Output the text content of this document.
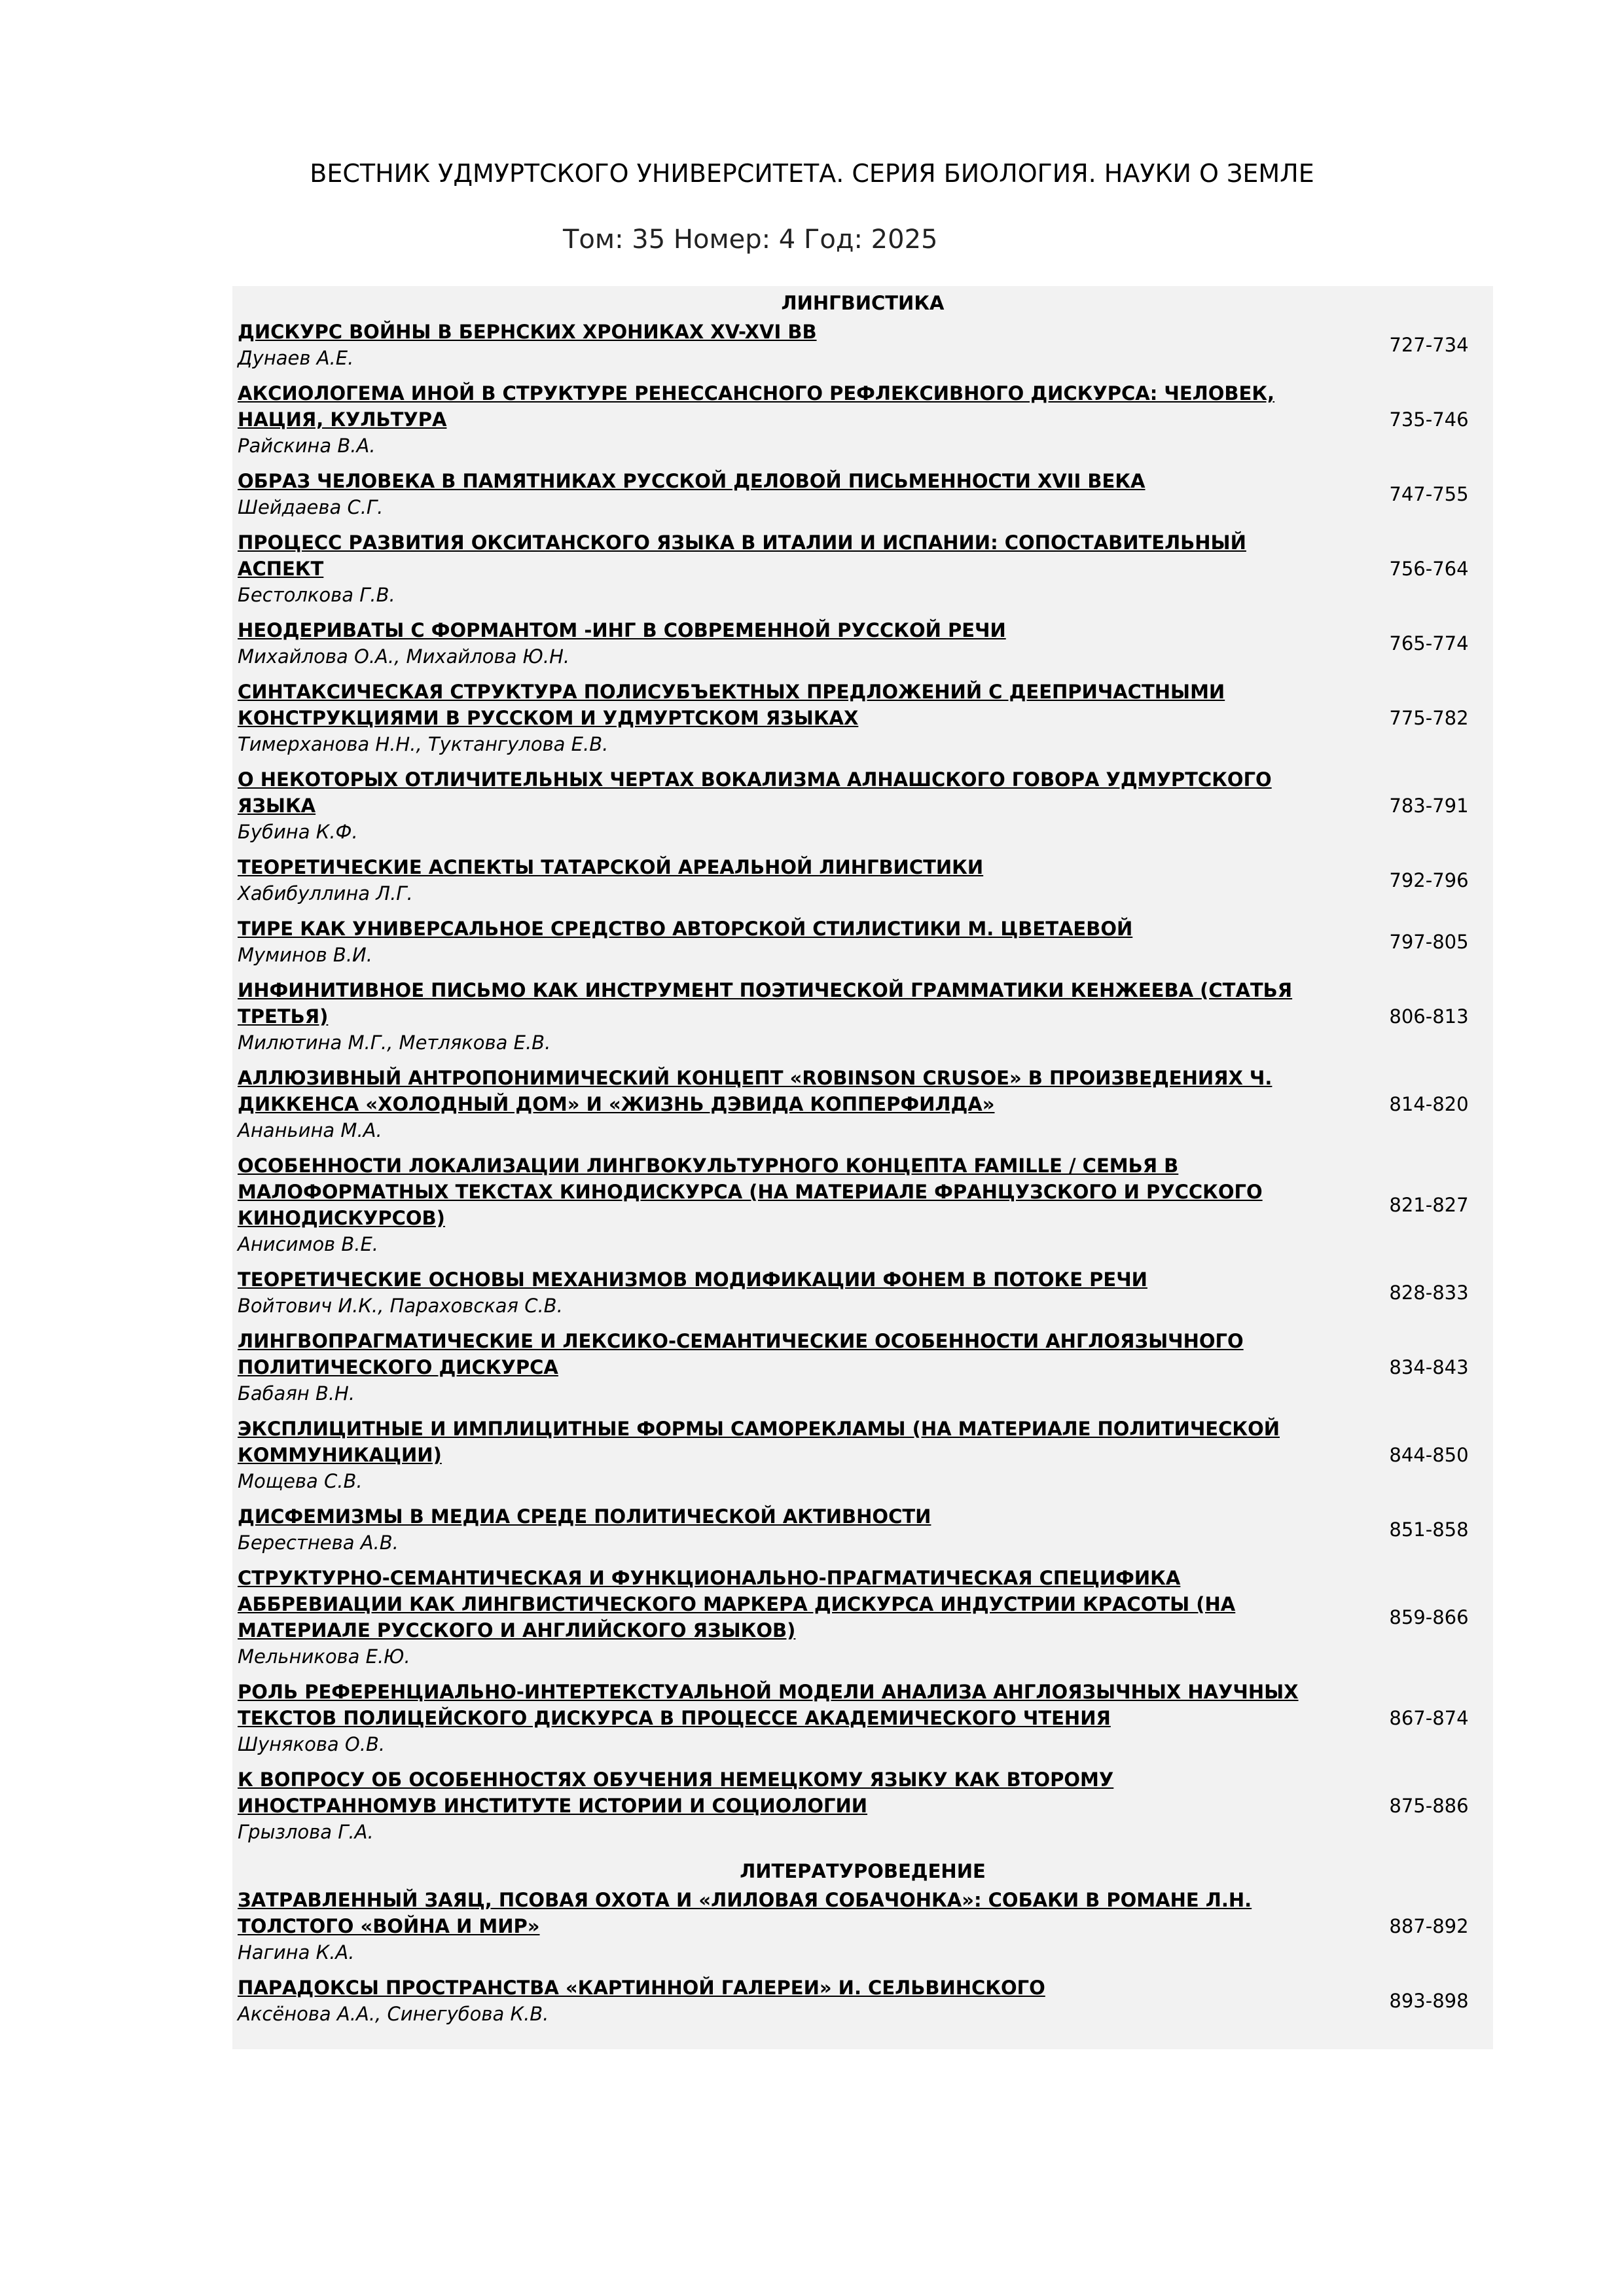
ВЕСТНИК УДМУРТСКОГО УНИВЕРСИТЕТА. СЕРИЯ БИОЛОГИЯ. НАУКИ О ЗЕМЛЕ
Том: 35 Номер: 4 Год: 2025
ЛИНГВИСТИКА
ДИСКУРС ВОЙНЫ В БЕРНСКИХ ХРОНИКАХ XV-XVI ВВ
Дунаев А.Е.
727-734
АКСИОЛОГЕМА ИНОЙ В СТРУКТУРЕ РЕНЕССАНСНОГО РЕФЛЕКСИВНОГО ДИСКУРСА: ЧЕЛОВЕК,
НАЦИЯ, КУЛЬТУРА
Райскина В.А.
735-746
ОБРАЗ ЧЕЛОВЕКА В ПАМЯТНИКАХ РУССКОЙ ДЕЛОВОЙ ПИСЬМЕННОСТИ XVII ВЕКА
Шейдаева С.Г.
747-755
ПРОЦЕСС РАЗВИТИЯ ОКСИТАНСКОГО ЯЗЫКА В ИТАЛИИ И ИСПАНИИ: СОПОСТАВИТЕЛЬНЫЙ
АСПЕКТ
Бестолкова Г.В.
756-764
НЕОДЕРИВАТЫ С ФОРМАНТОМ -ИНГ В СОВРЕМЕННОЙ РУССКОЙ РЕЧИ
Михайлова О.А., Михайлова Ю.Н.
765-774
СИНТАКСИЧЕСКАЯ СТРУКТУРА ПОЛИСУБЪЕКТНЫХ ПРЕДЛОЖЕНИЙ С ДЕЕПРИЧАСТНЫМИ
КОНСТРУКЦИЯМИ В РУССКОМ И УДМУРТСКОМ ЯЗЫКАХ
Тимерханова Н.Н., Туктангулова Е.В.
775-782
О НЕКОТОРЫХ ОТЛИЧИТЕЛЬНЫХ ЧЕРТАХ ВОКАЛИЗМА АЛНАШСКОГО ГОВОРА УДМУРТСКОГО
ЯЗЫКА
Бубина К.Ф.
783-791
ТЕОРЕТИЧЕСКИЕ АСПЕКТЫ ТАТАРСКОЙ АРЕАЛЬНОЙ ЛИНГВИСТИКИ
Хабибуллина Л.Г.
792-796
ТИРЕ КАК УНИВЕРСАЛЬНОЕ СРЕДСТВО АВТОРСКОЙ СТИЛИСТИКИ М. ЦВЕТАЕВОЙ
Муминов В.И.
797-805
ИНФИНИТИВНОЕ ПИСЬМО КАК ИНСТРУМЕНТ ПОЭТИЧЕСКОЙ ГРАММАТИКИ КЕНЖЕЕВА (СТАТЬЯ
ТРЕТЬЯ)
Милютина М.Г., Метлякова Е.В.
806-813
АЛЛЮЗИВНЫЙ АНТРОПОНИМИЧЕСКИЙ КОНЦЕПТ «ROBINSON CRUSOE» В ПРОИЗВЕДЕНИЯХ Ч.
ДИККЕНСА «ХОЛОДНЫЙ ДОМ» И «ЖИЗНЬ ДЭВИДА КОППЕРФИЛДА»
Ананьина М.А.
814-820
ОСОБЕННОСТИ ЛОКАЛИЗАЦИИ ЛИНГВОКУЛЬТУРНОГО КОНЦЕПТА FAMILLE / СЕМЬЯ В
МАЛОФОРМАТНЫХ ТЕКСТАХ КИНОДИСКУРСА (НА МАТЕРИАЛЕ ФРАНЦУЗСКОГО И РУССКОГО
КИНОДИСКУРСОВ)
Анисимов В.Е.
821-827
ТЕОРЕТИЧЕСКИЕ ОСНОВЫ МЕХАНИЗМОВ МОДИФИКАЦИИ ФОНЕМ В ПОТОКЕ РЕЧИ
Войтович И.К., Параховская С.В.
828-833
ЛИНГВОПРАГМАТИЧЕСКИЕ И ЛЕКСИКО-СЕМАНТИЧЕСКИЕ ОСОБЕННОСТИ АНГЛОЯЗЫЧНОГО
ПОЛИТИЧЕСКОГО ДИСКУРСА
Бабаян В.Н.
834-843
ЭКСПЛИЦИТНЫЕ И ИМПЛИЦИТНЫЕ ФОРМЫ САМОРЕКЛАМЫ (НА МАТЕРИАЛЕ ПОЛИТИЧЕСКОЙ
КОММУНИКАЦИИ)
Мощева С.В.
844-850
ДИСФЕМИЗМЫ В МЕДИА СРЕДЕ ПОЛИТИЧЕСКОЙ АКТИВНОСТИ
Берестнева А.В.
851-858
СТРУКТУРНО-СЕМАНТИЧЕСКАЯ И ФУНКЦИОНАЛЬНО-ПРАГМАТИЧЕСКАЯ СПЕЦИФИКА
АББРЕВИАЦИИ КАК ЛИНГВИСТИЧЕСКОГО МАРКЕРА ДИСКУРСА ИНДУСТРИИ КРАСОТЫ (НА
МАТЕРИАЛЕ РУССКОГО И АНГЛИЙСКОГО ЯЗЫКОВ)
Мельникова Е.Ю.
859-866
РОЛЬ РЕФЕРЕНЦИАЛЬНО-ИНТЕРТЕКСТУАЛЬНОЙ МОДЕЛИ АНАЛИЗА АНГЛОЯЗЫЧНЫХ НАУЧНЫХ
ТЕКСТОВ ПОЛИЦЕЙСКОГО ДИСКУРСА В ПРОЦЕССЕ АКАДЕМИЧЕСКОГО ЧТЕНИЯ
Шунякова О.В.
867-874
К ВОПРОСУ ОБ ОСОБЕННОСТЯХ ОБУЧЕНИЯ НЕМЕЦКОМУ ЯЗЫКУ КАК ВТОРОМУ
ИНОСТРАННОМУВ ИНСТИТУТЕ ИСТОРИИ И СОЦИОЛОГИИ
Грызлова Г.А.
875-886
ЛИТЕРАТУРОВЕДЕНИЕ
ЗАТРАВЛЕННЫЙ ЗАЯЦ, ПСОВАЯ ОХОТА И «ЛИЛОВАЯ СОБАЧОНКА»: СОБАКИ В РОМАНЕ Л.Н.
ТОЛСТОГО «ВОЙНА И МИР»
Нагина К.А.
887-892
ПАРАДОКСЫ ПРОСТРАНСТВА «КАРТИННОЙ ГАЛЕРЕИ» И. СЕЛЬВИНСКОГО
Аксёнова А.А., Синегубова К.В.
893-898
